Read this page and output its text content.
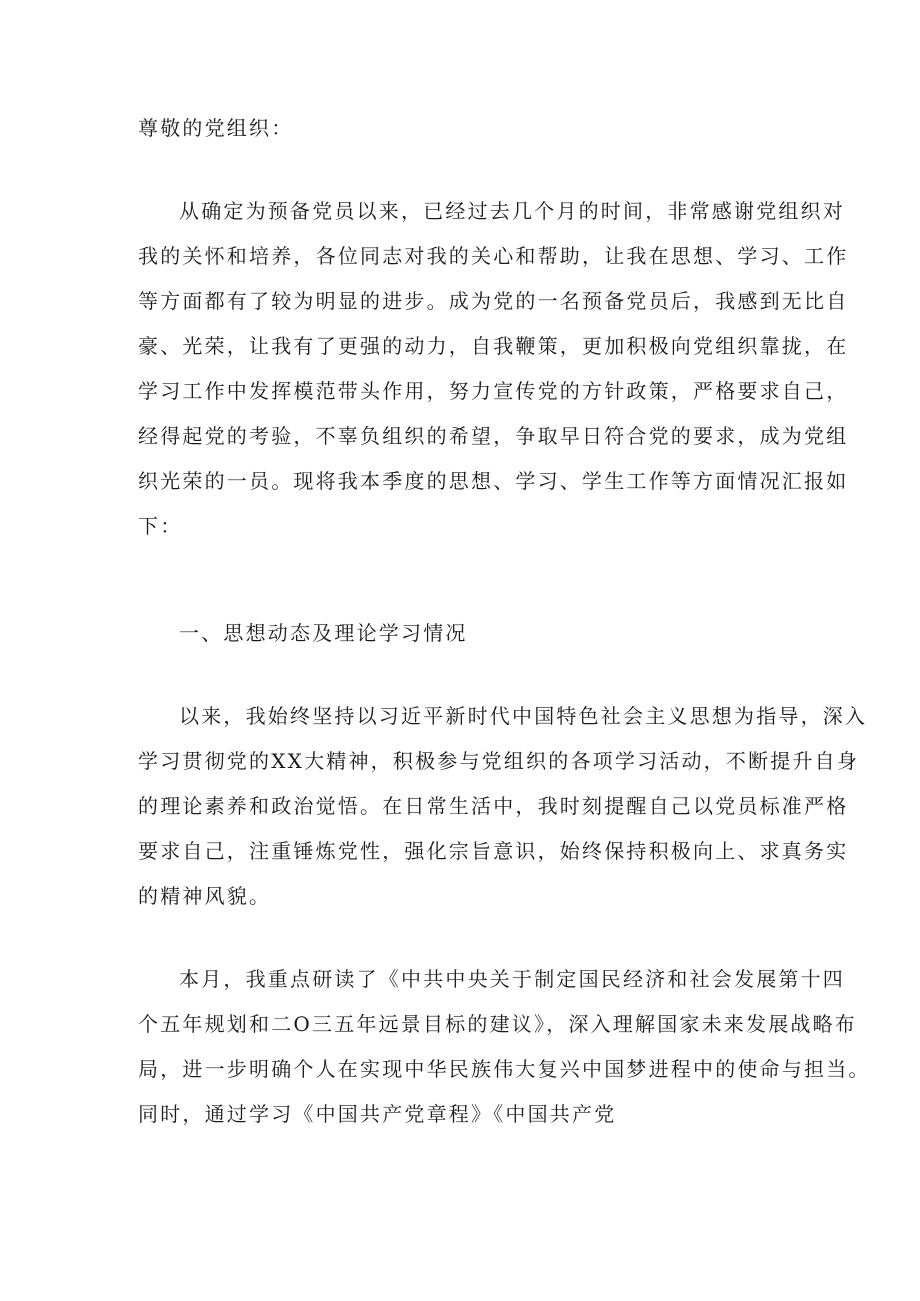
尊敬的党组织：
从确定为预备党员以来，已经过去几个月的时间，非常感谢党组织对
我的关怀和培养，各位同志对我的关心和帮助，让我在思想、学习、工作
等方面都有了较为明显的进步。成为党的一名预备党员后，我感到无比自
豪、光荣，让我有了更强的动力，自我鞭策，更加积极向党组织靠拢，在
学习工作中发挥模范带头作用，努力宣传党的方针政策，严格要求自己，
经得起党的考验，不辜负组织的希望，争取早日符合党的要求，成为党组
织光荣的一员。现将我本季度的思想、学习、学生工作等方面情况汇报如
下：
一、思想动态及理论学习情况
以来，我始终坚持以习近平新时代中国特色社会主义思想为指导，深入
学习贯彻党的XX大精神，积极参与党组织的各项学习活动，不断提升自身
的理论素养和政治觉悟。在日常生活中，我时刻提醒自己以党员标准严格
要求自己，注重锤炼党性，强化宗旨意识，始终保持积极向上、求真务实
的精神风貌。
本月，我重点研读了《中共中央关于制定国民经济和社会发展第十四
个五年规划和二O三五年远景目标的建议》，深入理解国家未来发展战略布
局，进一步明确个人在实现中华民族伟大复兴中国梦进程中的使命与担当。
同时，通过学习《中国共产党章程》《中国共产党
